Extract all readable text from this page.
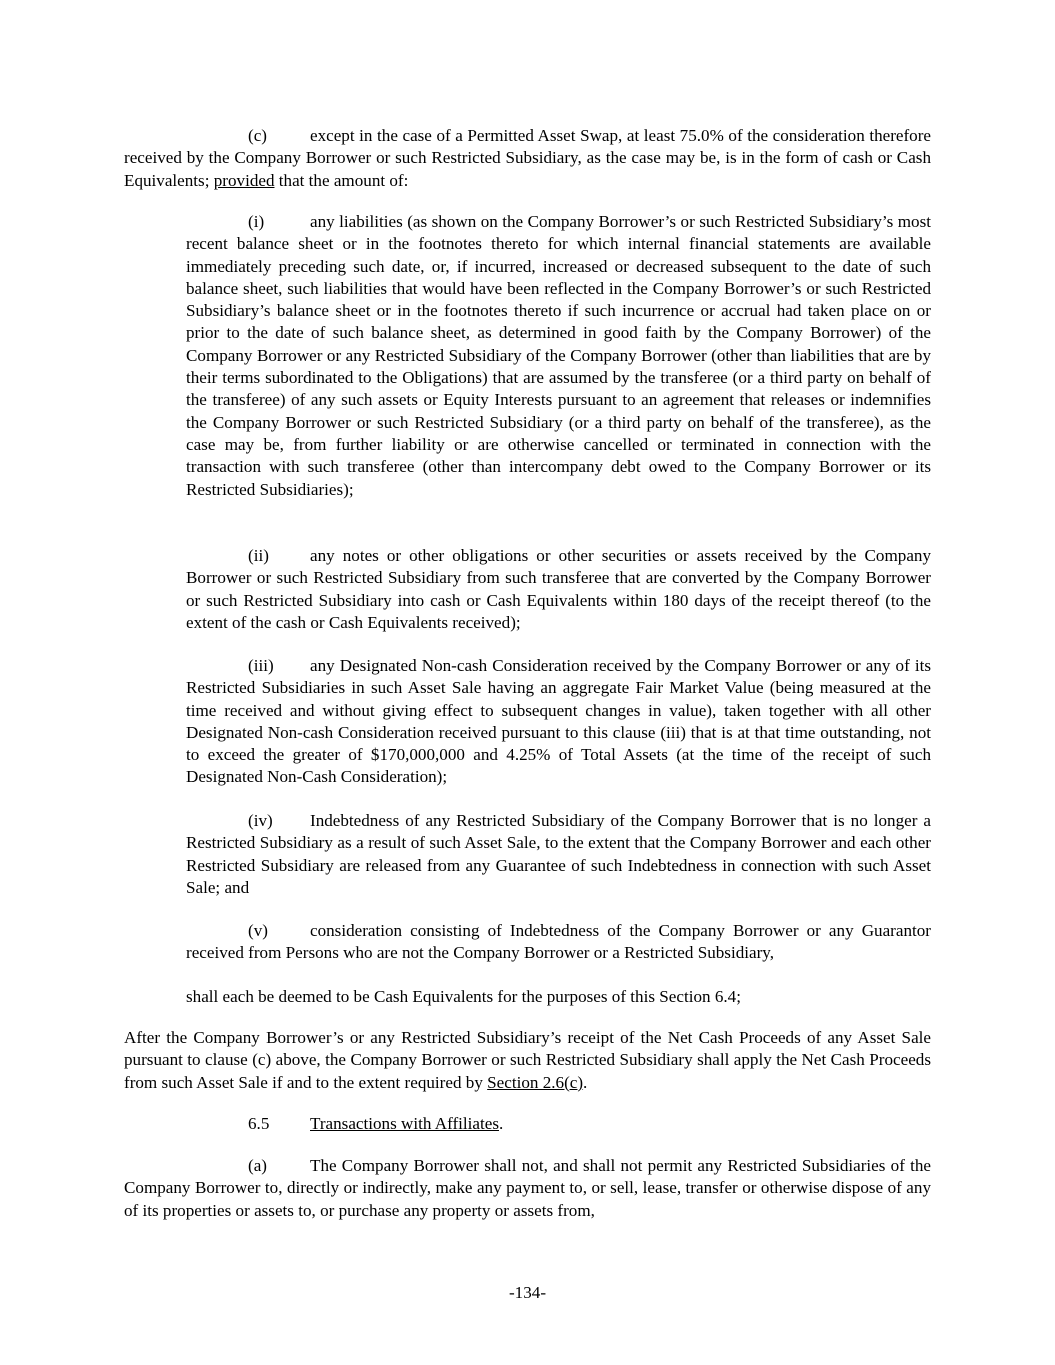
(c)	except in the case of a Permitted Asset Swap, at least 75.0% of the consideration therefore received by the Company Borrower or such Restricted Subsidiary, as the case may be, is in the form of cash or Cash Equivalents; provided that the amount of:

(i)	any liabilities (as shown on the Company Borrower’s or such Restricted Subsidiary’s most recent balance sheet or in the footnotes thereto for which internal financial statements are available immediately preceding such date, or, if incurred, increased or decreased subsequent to the date of such balance sheet, such liabilities that would have been reflected in the Company Borrower’s or such Restricted Subsidiary’s balance sheet or in the footnotes thereto if such incurrence or accrual had taken place on or prior to the date of such balance sheet, as determined in good faith by the Company Borrower) of the Company Borrower or any Restricted Subsidiary of the Company Borrower (other than liabilities that are by their terms subordinated to the Obligations) that are assumed by the transferee (or a third party on behalf of the transferee) of any such assets or Equity Interests pursuant to an agreement that releases or indemnifies the Company Borrower or such Restricted Subsidiary (or a third party on behalf of the transferee), as the case may be, from further liability or are otherwise cancelled or terminated in connection with the transaction with such transferee (other than intercompany debt owed to the Company Borrower or its Restricted Subsidiaries);

(ii) any notes or other obligations or other securities or assets received by the Company Borrower or such Restricted Subsidiary from such transferee that are converted by the Company Borrower or such Restricted Subsidiary into cash or Cash Equivalents within 180 days of the receipt thereof (to the extent of the cash or Cash Equivalents received);

(iii) any Designated Non-cash Consideration received by the Company Borrower or any of its Restricted Subsidiaries in such Asset Sale having an aggregate Fair Market Value (being measured at the time received and without giving effect to subsequent changes in value), taken together with all other Designated Non-cash Consideration received pursuant to this clause (iii) that is at that time outstanding, not to exceed the greater of $170,000,000 and 4.25% of Total Assets (at the time of the receipt of such Designated Non-Cash Consideration);

(iv) Indebtedness of any Restricted Subsidiary of the Company Borrower that is no longer a Restricted Subsidiary as a result of such Asset Sale, to the extent that the Company Borrower and each other Restricted Subsidiary are released from any Guarantee of such Indebtedness in connection with such Asset Sale; and

(v) consideration consisting of Indebtedness of the Company Borrower or any Guarantor received from Persons who are not the Company Borrower or a Restricted Subsidiary,

shall each be deemed to be Cash Equivalents for the purposes of this Section 6.4;

After the Company Borrower’s or any Restricted Subsidiary’s receipt of the Net Cash Proceeds of any Asset Sale pursuant to clause (c) above, the Company Borrower or such Restricted Subsidiary shall apply the Net Cash Proceeds from such Asset Sale if and to the extent required by Section 2.6(c).

6.5 Transactions with Affiliates.

(a)	The Company Borrower shall not, and shall not permit any Restricted Subsidiaries of the Company Borrower to, directly or indirectly, make any payment to, or sell, lease, transfer or otherwise dispose of any of its properties or assets to, or purchase any property or assets from,

-134-
